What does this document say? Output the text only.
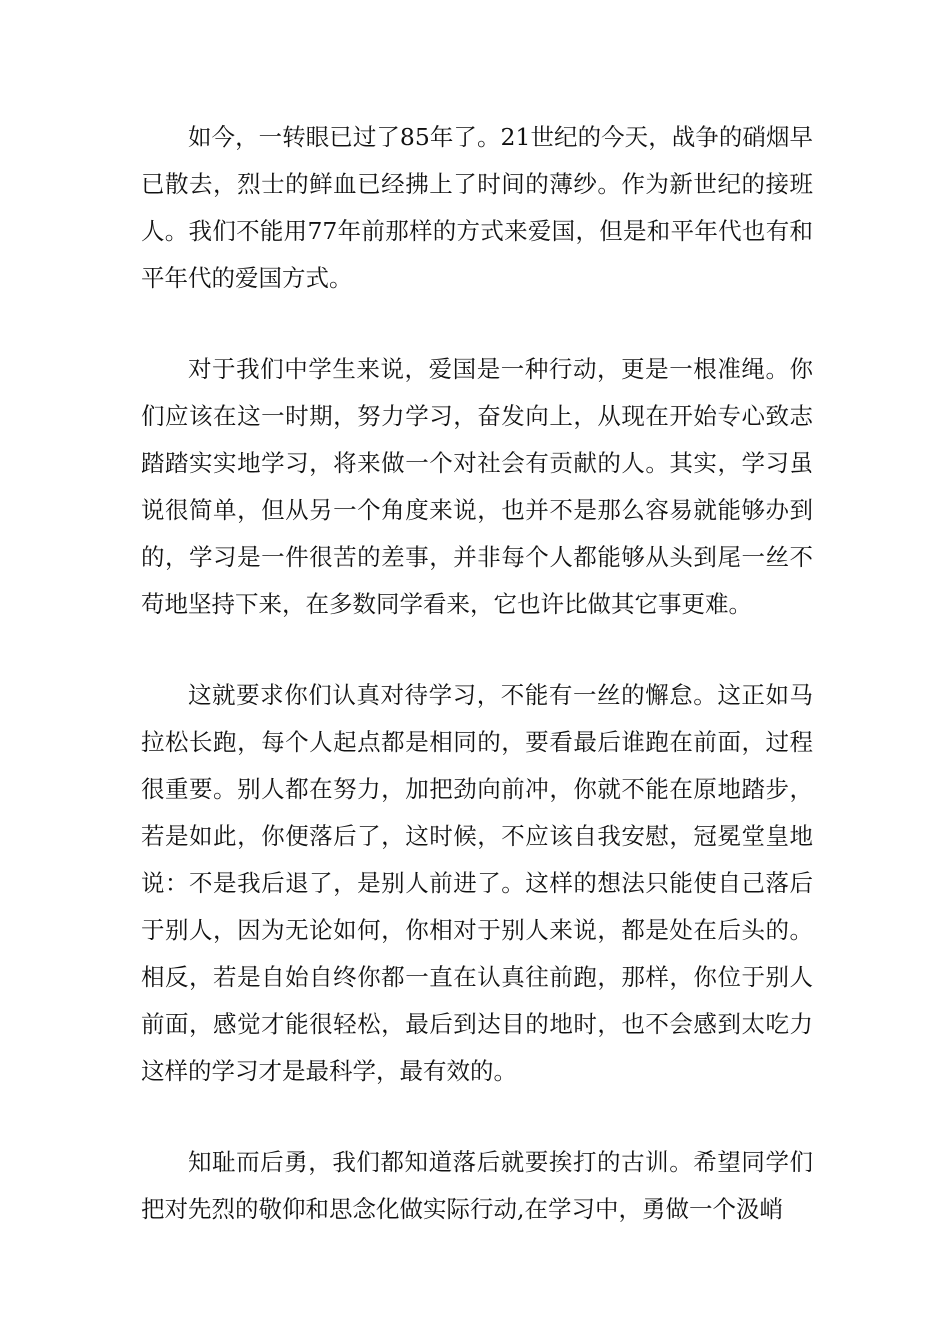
如今，一转眼已过了85年了。21世纪的今天，战争的硝烟早已散去，烈士的鲜血已经拂上了时间的薄纱。作为新世纪的接班人。我们不能用77年前那样的方式来爱国，但是和平年代也有和平年代的爱国方式。

对于我们中学生来说，爱国是一种行动，更是一根准绳。你们应该在这一时期，努力学习，奋发向上，从现在开始专心致志踏踏实实地学习，将来做一个对社会有贡献的人。其实，学习虽说很简单，但从另一个角度来说，也并不是那么容易就能够办到的，学习是一件很苦的差事，并非每个人都能够从头到尾一丝不苟地坚持下来，在多数同学看来，它也许比做其它事更难。

这就要求你们认真对待学习，不能有一丝的懈怠。这正如马拉松长跑，每个人起点都是相同的，要看最后谁跑在前面，过程很重要。别人都在努力，加把劲向前冲，你就不能在原地踏步，若是如此，你便落后了，这时候，不应该自我安慰，冠冕堂皇地说：不是我后退了，是别人前进了。这样的想法只能使自己落后于别人，因为无论如何，你相对于别人来说，都是处在后头的。相反，若是自始自终你都一直在认真往前跑，那样，你位于别人前面，感觉才能很轻松，最后到达目的地时，也不会感到太吃力这样的学习才是最科学，最有效的。

知耻而后勇，我们都知道落后就要挨打的古训。希望同学们把对先烈的敬仰和思念化做实际行动,在学习中，勇做一个汲峭
